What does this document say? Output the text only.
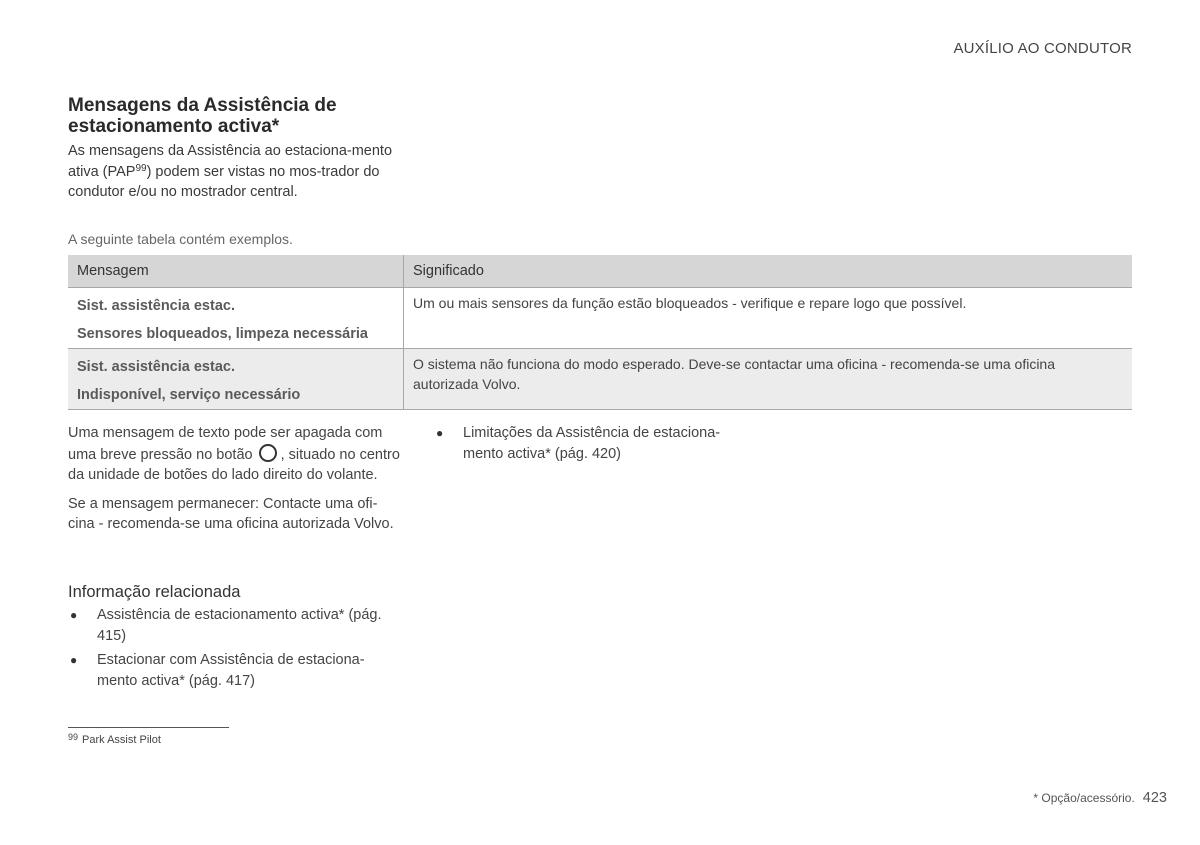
AUXÍLIO AO CONDUTOR
Mensagens da Assistência de estacionamento activa*
As mensagens da Assistência ao estaciona-mento ativa (PAP$^{99}$) podem ser vistas no mos-trador do condutor e/ou no mostrador central.
A seguinte tabela contém exemplos.
Mensagem	Significado

Sist. assistência estac.
Sensores bloqueados, limpeza necessária	Um ou mais sensores da função estão bloqueados - verifique e repare logo que possível.

Sist. assistência estac.
Indisponível, serviço necessário	O sistema não funciona do modo esperado. Deve-se contactar uma oficina - recomenda-se uma oficina autorizada Volvo.

Uma mensagem de texto pode ser apagada com uma breve pressão no botão , situado no centro da unidade de botões do lado direito do volante.

Se a mensagem permanecer: Contacte uma ofi-cina - recomenda-se uma oficina autorizada Volvo.

Informação relacionada
● Assistência de estacionamento activa* (pág. 415)
● Estacionar com Assistência de estaciona-mento activa* (pág. 417)
● Limitações da Assistência de estaciona-mento activa* (pág. 420)
$^{99}$ Park Assist Pilot
* Opção/acessório. 423
